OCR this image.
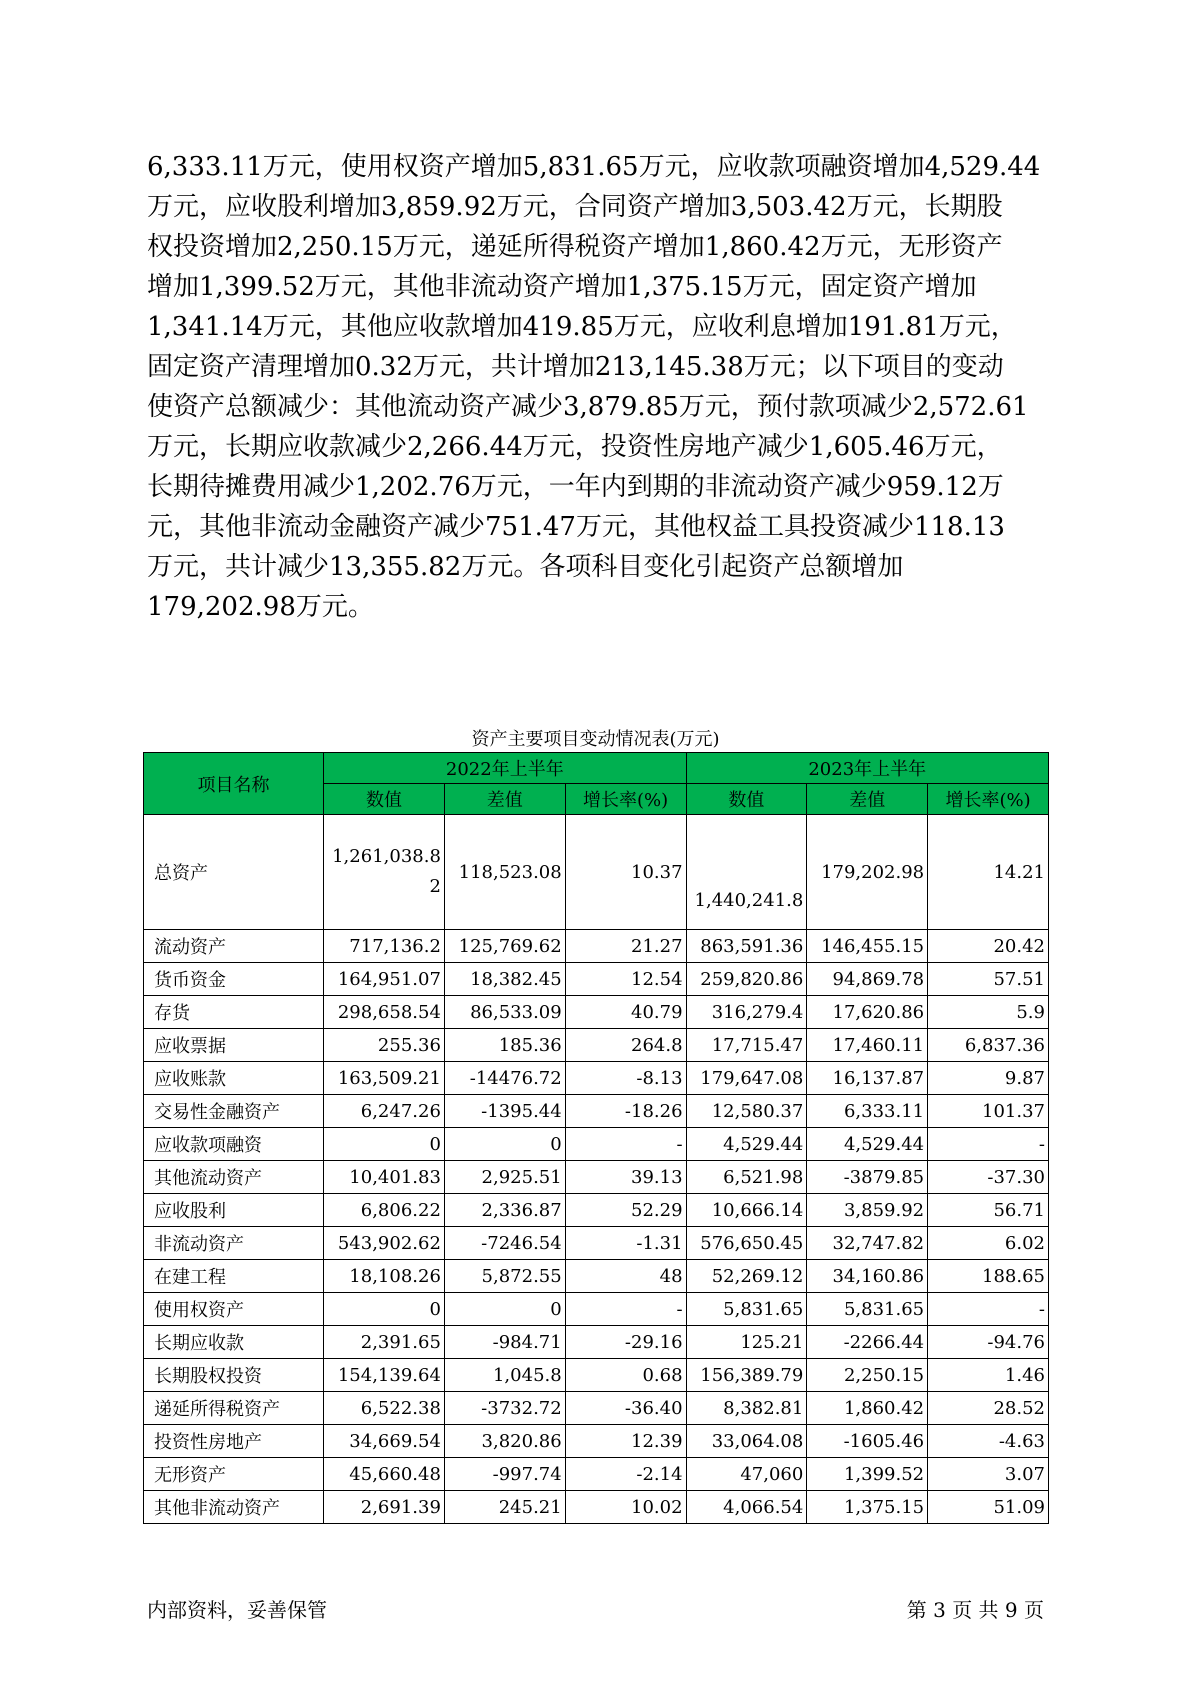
6,333.11万元，使用权资产增加5,831.65万元，应收款项融资增加4,529.44
万元，应收股利增加3,859.92万元，合同资产增加3,503.42万元，长期股
权投资增加2,250.15万元，递延所得税资产增加1,860.42万元，无形资产
增加1,399.52万元，其他非流动资产增加1,375.15万元，固定资产增加
1,341.14万元，其他应收款增加419.85万元，应收利息增加191.81万元，
固定资产清理增加0.32万元，共计增加213,145.38万元；以下项目的变动
使资产总额减少：其他流动资产减少3,879.85万元，预付款项减少2,572.61
万元，长期应收款减少2,266.44万元，投资性房地产减少1,605.46万元，
长期待摊费用减少1,202.76万元，一年内到期的非流动资产减少959.12万
元，其他非流动金融资产减少751.47万元，其他权益工具投资减少118.13
万元，共计减少13,355.82万元。各项科目变化引起资产总额增加
179,202.98万元。
资产主要项目变动情况表(万元)
项目名称	2022年上半年			2023年上半年		
	数值	差值	增长率(%)	数值	差值	增长率(%)
总资产	1,261,038.82	118,523.08	10.37	1,440,241.8	179,202.98	14.21
流动资产	717,136.2	125,769.62	21.27	863,591.36	146,455.15	20.42
货币资金	164,951.07	18,382.45	12.54	259,820.86	94,869.78	57.51
存货	298,658.54	86,533.09	40.79	316,279.4	17,620.86	5.9
应收票据	255.36	185.36	264.8	17,715.47	17,460.11	6,837.36
应收账款	163,509.21	-14476.72	-8.13	179,647.08	16,137.87	9.87
交易性金融资产	6,247.26	-1395.44	-18.26	12,580.37	6,333.11	101.37
应收款项融资	0	0	-	4,529.44	4,529.44	-
其他流动资产	10,401.83	2,925.51	39.13	6,521.98	-3879.85	-37.30
应收股利	6,806.22	2,336.87	52.29	10,666.14	3,859.92	56.71
非流动资产	543,902.62	-7246.54	-1.31	576,650.45	32,747.82	6.02
在建工程	18,108.26	5,872.55	48	52,269.12	34,160.86	188.65
使用权资产	0	0	-	5,831.65	5,831.65	-
长期应收款	2,391.65	-984.71	-29.16	125.21	-2266.44	-94.76
长期股权投资	154,139.64	1,045.8	0.68	156,389.79	2,250.15	1.46
递延所得税资产	6,522.38	-3732.72	-36.40	8,382.81	1,860.42	28.52
投资性房地产	34,669.54	3,820.86	12.39	33,064.08	-1605.46	-4.63
无形资产	45,660.48	-997.74	-2.14	47,060	1,399.52	3.07
其他非流动资产	2,691.39	245.21	10.02	4,066.54	1,375.15	51.09
内部资料，妥善保管	第 3 页 共 9 页
